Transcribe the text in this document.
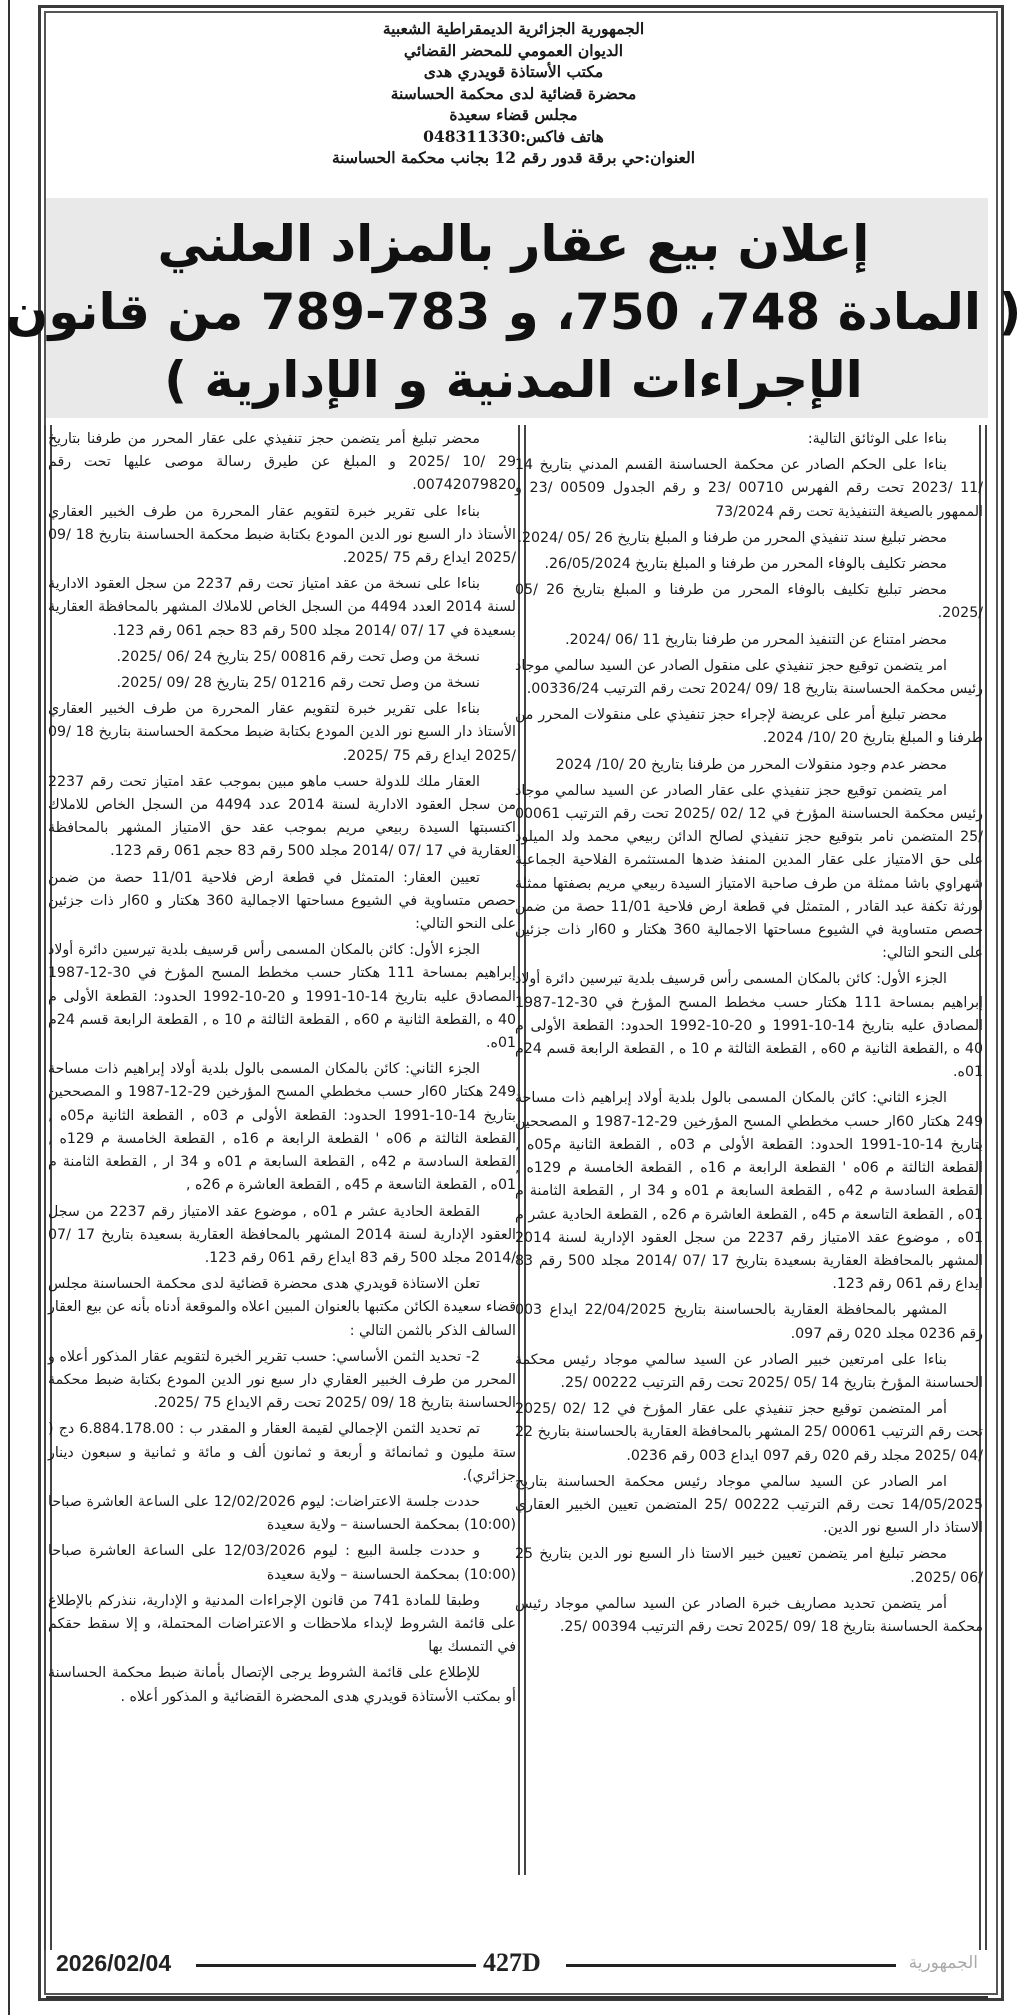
الجمهورية الجزائرية الديمقراطية الشعبية
الديوان العمومي للمحضر القضائي
مكتب الأستاذة قويدري هدى
محضرة قضائية لدى محكمة الحساسنة
مجلس قضاء سعيدة
هاتف فاكس:048311330
العنوان:حي برقة قدور رقم 12 بجانب محكمة الحساسنة
إعلان بيع عقار بالمزاد العلني
( المادة 748، 750، و 783-789 من قانون
الإجراءات المدنية و الإدارية )

بناءا على الوثائق التالية:

بناءا على الحكم الصادر عن محكمة الحساسنة القسم المدني بتاريخ 14 /11 /2023 تحت رقم الفهرس 00710 /23 و رقم الجدول 00509 /23 و الممهور بالصيغة التنفيذية تحت رقم 73/2024

محضر تبليغ سند تنفيذي المحرر من طرفنا و المبلغ بتاريخ 26 /05 /2024.

محضر تكليف بالوفاء المحرر من طرفنا و المبلغ بتاريخ 26/05/2024.

محضر تبليغ تكليف بالوفاء المحرر من طرفنا و المبلغ بتاريخ 26 /05 /2025.

محضر امتناع عن التنفيذ المحرر من طرفنا بتاريخ 11 /06 /2024.

امر يتضمن توقيع حجز تنفيذي على منقول الصادر عن السيد سالمي موجاد رئيس محكمة الحساسنة بتاريخ 18 /09 /2024 تحت رقم الترتيب 00336/24.

محضر تبليغ أمر على عريضة لإجراء حجز تنفيذي على منقولات المحرر من طرفنا و المبلغ بتاريخ 20 /10/ 2024.

محضر عدم وجود منقولات المحرر من طرفنا بتاريخ 20 /10/ 2024

امر يتضمن توقيع حجز تنفيذي على عقار الصادر عن السيد سالمي موجاد رئيس محكمة الحساسنة المؤرخ في 12 /02 /2025 تحت رقم الترتيب 00061 /25 المتضمن نامر بتوقيع حجز تنفيذي لصالح الدائن ربيعي محمد ولد الميلود على حق الامتياز على عقار المدين المنفذ ضدها المستثمرة الفلاحية الجماعية شهراوي باشا ممثلة من طرف صاحبة الامتياز السيدة ربيعي مريم بصفتها ممثلة لورثة تكفة عبد القادر , المتمثل في قطعة ارض فلاحية 11/01 حصة من ضمن حصص متساوية في الشيوع مساحتها الاجمالية 360 هكتار و 60ار ذات جزئين على النحو التالي:

الجزء الأول: كائن بالمكان المسمى رأس قرسيف بلدية تيرسين دائرة أولاد إبراهيم بمساحة 111 هكتار حسب مخطط المسح المؤرخ في 30-12-1987 المصادق عليه بتاريخ 14-10-1991 و 20-10-1992 الحدود: القطعة الأولى م 40 ه ,القطعة الثانية م 60ه , القطعة الثالثة م 10 ه , القطعة الرابعة قسم 24م 01ه.

الجزء الثاني: كائن بالمكان المسمى بالول بلدية أولاد إبراهيم ذات مساحة 249 هكتار 60ار حسب مخططي المسح المؤرخين 29-12-1987 و المصححين بتاريخ 14-10-1991 الحدود: القطعة الأولى م 03ه , القطعة الثانية م05ه , القطعة الثالثة م 06ه ' القطعة الرابعة م 16ه , القطعة الخامسة م 129ه , القطعة السادسة م 42ه , القطعة السابعة م 01ه و 34 ار , القطعة الثامنة م 01ه , القطعة التاسعة م 45ه , القطعة العاشرة م 26ه , القطعة الحادية عشر م 01ه , موضوع عقد الامتياز رقم 2237 من سجل العقود الإدارية لسنة 2014 المشهر بالمحافظة العقارية بسعيدة بتاريخ 17 /07 /2014 مجلد 500 رقم 83 ايداع رقم 061 رقم 123.

المشهر بالمحافظة العقارية بالحساسنة بتاريخ 22/04/2025 ايداع 003 رقم 0236 مجلد 020 رقم 097.

بناءا على امرتعين خبير الصادر عن السيد سالمي موجاد رئيس محكمة الحساسنة المؤرخ بتاريخ 14 /05 /2025 تحت رقم الترتيب 00222 /25.

أمر المتضمن توقيع حجز تنفيذي على عقار المؤرخ في 12 /02 /2025 تحت رقم الترتيب 00061 /25 المشهر بالمحافظة العقارية بالحساسنة بتاريخ 22 /04 /2025 مجلد رقم 020 رقم 097 ايداع 003 رقم 0236.

امر الصادر عن السيد سالمي موجاد رئيس محكمة الحساسنة بتاريخ 14/05/2025 تحت رقم الترتيب 00222 /25 المتضمن تعيين الخبير العقاري الاستاذ دار السبع نور الدين.

محضر تبليغ امر يتضمن تعيين خبير الاستا ذار السبع نور الدين بتاريخ 25 /06 /2025.

أمر يتضمن تحديد مصاريف خبرة الصادر عن السيد سالمي موجاد رئيس محكمة الحساسنة بتاريخ 18 /09 /2025 تحت رقم الترتيب 00394 /25.

محضر تبليغ أمر يتضمن حجز تنفيذي على عقار المحرر من طرفنا بتاريخ 29 /10 /2025 و المبلغ عن طيرق رسالة موصى عليها تحت رقم 00742079820.

بناءا على تقرير خبرة لتقويم عقار المحررة من طرف الخبير العقاري الأستاذ دار السبع نور الدين المودع بكتابة ضبط محكمة الحساسنة بتاريخ 18 /09 /2025 ايداع رقم 75 /2025.

بناءا على نسخة من عقد امتياز تحت رقم 2237 من سجل العقود الادارية لسنة 2014 العدد 4494 من السجل الخاص للاملاك المشهر بالمحافظة العقارية بسعيدة في 17 /07 /2014 مجلد 500 رقم 83 حجم 061 رقم 123.

نسخة من وصل تحت رقم 00816 /25 بتاريخ 24 /06 /2025.

نسخة من وصل تحت رقم 01216 /25 بتاريخ 28 /09 /2025.

بناءا على تقرير خبرة لتقويم عقار المحررة من طرف الخبير العقاري الأستاذ دار السبع نور الدين المودع بكتابة ضبط محكمة الحساسنة بتاريخ 18 /09 /2025 ايداع رقم 75 /2025.

العقار ملك للدولة حسب ماهو مبين بموجب عقد امتياز تحت رقم 2237 من سجل العقود الادارية لسنة 2014 عدد 4494 من السجل الخاص للاملاك اكتسبتها السيدة ربيعي مريم بموجب عقد حق الامتياز المشهر بالمحافظة العقارية في 17 /07 /2014 مجلد 500 رقم 83 حجم 061 رقم 123.

تعيين العقار: المتمثل في قطعة ارض فلاحية 11/01 حصة من ضمن حصص متساوية في الشيوع مساحتها الاجمالية 360 هكتار و 60ار ذات جزئين على النحو التالي:

الجزء الأول: كائن بالمكان المسمى رأس قرسيف بلدية تيرسين دائرة أولاد إبراهيم بمساحة 111 هكتار حسب مخطط المسح المؤرخ في 30-12-1987 المصادق عليه بتاريخ 14-10-1991 و 20-10-1992 الحدود: القطعة الأولى م 40 ه ,القطعة الثانية م 60ه , القطعة الثالثة م 10 ه , القطعة الرابعة قسم 24م 01ه.

الجزء الثاني: كائن بالمكان المسمى بالول بلدية أولاد إبراهيم ذات مساحة 249 هكتار 60ار حسب مخططي المسح المؤرخين 29-12-1987 و المصححين بتاريخ 14-10-1991 الحدود: القطعة الأولى م 03ه , القطعة الثانية م05ه , القطعة الثالثة م 06ه ' القطعة الرابعة م 16ه , القطعة الخامسة م 129ه , القطعة السادسة م 42ه , القطعة السابعة م 01ه و 34 ار , القطعة الثامنة م 01ه , القطعة التاسعة م 45ه , القطعة العاشرة م 26ه ,

القطعة الحادية عشر م 01ه , موضوع عقد الامتياز رقم 2237 من سجل العقود الإدارية لسنة 2014 المشهر بالمحافظة العقارية بسعيدة بتاريخ 17 /07 /2014 مجلد 500 رقم 83 ايداع رقم 061 رقم 123.

تعلن الاستاذة قويدري هدى محضرة قضائية لدى محكمة الحساسنة مجلس قضاء سعيدة الكائن مكتبها بالعنوان المبين اعلاه والموقعة أدناه بأنه عن بيع العقار السالف الذكر بالثمن التالي :

2- تحديد الثمن الأساسي: حسب تقرير الخبرة لتقويم عقار المذكور أعلاه و المحرر من طرف الخبير العقاري دار سبع نور الدين المودع بكتابة ضبط محكمة الحساسنة بتاريخ 18 /09 /2025 تحت رقم الايداع 75 /2025.

تم تحديد الثمن الإجمالي لقيمة العقار و المقدر ب : 6.884.178.00 دج ( ستة مليون و ثمانمائة و أربعة و ثمانون ألف و مائة و ثمانية و سبعون دينار جزائري).

حددت جلسة الاعتراضات: ليوم 12/02/2026 على الساعة العاشرة صباحا (10:00) بمحكمة الحساسنة – ولاية سعيدة

و حددت جلسة البيع : ليوم 12/03/2026 على الساعة العاشرة صباحا (10:00) بمحكمة الحساسنة – ولاية سعيدة

وطبقا للمادة 741 من قانون الإجراءات المدنية و الإدارية، ننذركم بالإطلاع على قائمة الشروط لإبداء ملاحظات و الاعتراضات المحتملة، و إلا سقط حقكم في التمسك بها

للإطلاع على قائمة الشروط يرجى الإتصال بأمانة ضبط محكمة الحساسنة أو بمكتب الأستاذة قويدري هدى المحضرة القضائية و المذكور أعلاه .

2026/02/04	427D	الجمهورية
